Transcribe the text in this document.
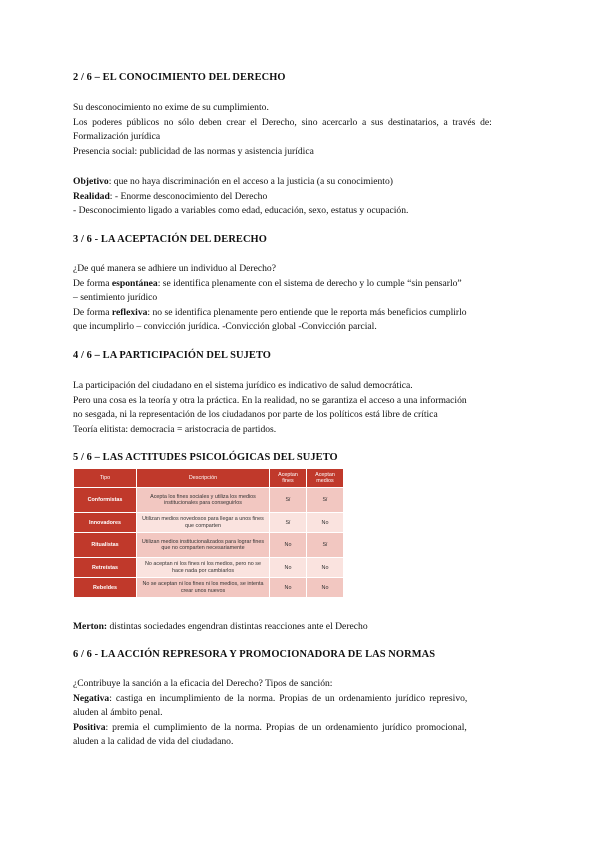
2 / 6 – EL CONOCIMIENTO DEL DERECHO
Su desconocimiento no exime de su cumplimiento.
Los poderes públicos no sólo deben crear el Derecho, sino acercarlo a sus destinatarios, a través de:
Formalización jurídica
Presencia social: publicidad de las normas y asistencia jurídica
Objetivo: que no haya discriminación en el acceso a la justicia (a su conocimiento)
Realidad: - Enorme desconocimiento del Derecho
- Desconocimiento ligado a variables como edad, educación, sexo, estatus y ocupación.
3 / 6 - LA ACEPTACIÓN DEL DERECHO
¿De qué manera se adhiere un individuo al Derecho?
De forma espontánea: se identifica plenamente con el sistema de derecho y lo cumple “sin pensarlo”
– sentimiento jurídico
De forma reflexiva: no se identifica plenamente pero entiende que le reporta más beneficios cumplirlo
que incumplirlo – convicción jurídica. -Convicción global -Convicción parcial.
4 / 6 – LA PARTICIPACIÓN DEL SUJETO
La participación del ciudadano en el sistema jurídico es indicativo de salud democrática.
Pero una cosa es la teoría y otra la práctica. En la realidad, no se garantiza el acceso a una información
no sesgada, ni la representación de los ciudadanos por parte de los políticos está libre de crítica
Teoría elitista: democracia = aristocracia de partidos.
5 / 6 – LAS ACTITUDES PSICOLÓGICAS DEL SUJETO
Tipo	Descripción	Aceptan fines	Aceptan medios
Conformistas	Acepta los fines sociales y utiliza los medios institucionales para conseguirlos	Sí	Sí
Innovadores	Utilizan medios novedosos para llegar a unos fines que comparten	Sí	No
Ritualistas	Utilizan medios institucionalizados para lograr fines que no comparten necesariamente	No	Sí
Retreístas	No aceptan ni los fines ni los medios, pero no se hace nada por cambiarlos	No	No
Rebeldes	No se aceptan ni los fines ni los medios, se intenta crear unos nuevos	No	No
Merton: distintas sociedades engendran distintas reacciones ante el Derecho
6 / 6 - LA ACCIÓN REPRESORA Y PROMOCIONADORA DE LAS NORMAS
¿Contribuye la sanción a la eficacia del Derecho? Tipos de sanción:
Negativa: castiga en incumplimiento de la norma. Propias de un ordenamiento jurídico represivo,
aluden al ámbito penal.
Positiva: premia el cumplimiento de la norma. Propias de un ordenamiento jurídico promocional,
aluden a la calidad de vida del ciudadano.
